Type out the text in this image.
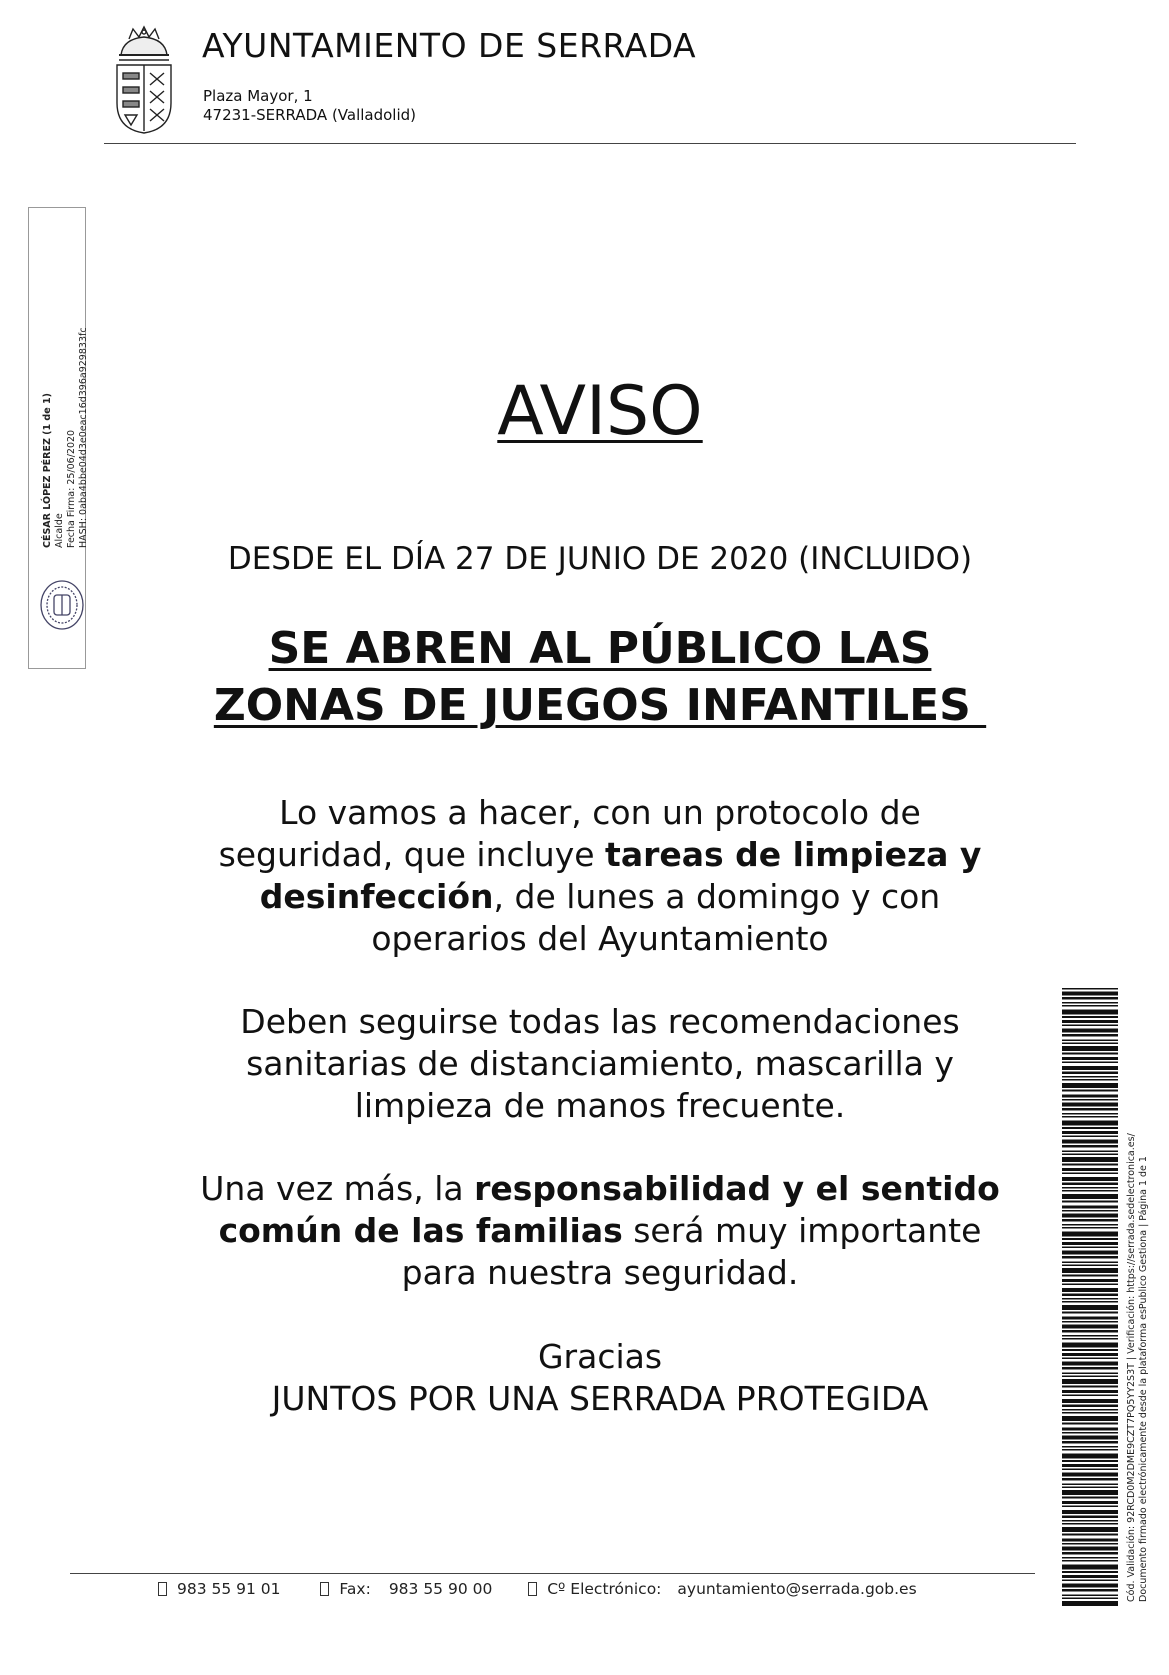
AYUNTAMIENTO DE SERRADA
Plaza Mayor, 1
47231-SERRADA (Valladolid)
CÉSAR LÓPEZ PÉREZ (1 de 1) Alcalde Fecha Firma: 25/06/2020 HASH: 0aba4bbe04d3e0eac16d396a929833fc	AVISO
DESDE EL DÍA 27 DE JUNIO DE 2020 (INCLUIDO)
SE ABREN AL PÚBLICO LAS
ZONAS DE JUEGOS INFANTILES
Lo vamos a hacer, con un protocolo de
seguridad, que incluye tareas de limpieza y
desinfección, de lunes a domingo y con
operarios del Ayuntamiento
Deben seguirse todas las recomendaciones
sanitarias de distanciamiento, mascarilla y
limpieza de manos frecuente.
Una vez más, la responsabilidad y el sentido
común de las familias será muy importante
para nuestra seguridad.
Gracias
JUNTOS POR UNA SERRADA PROTEGIDA
983 55 91 01	Fax: 983 55 90 00	Cº Electrónico: ayuntamiento@serrada.gob.es	Cód. Validación: 92RCD0M2DME9CZT7PQ5YY2S3T | Verificación: https://serrada.sedelectronica.es/ Documento firmado electrónicamente desde la plataforma esPublico Gestiona | Página 1 de 1
